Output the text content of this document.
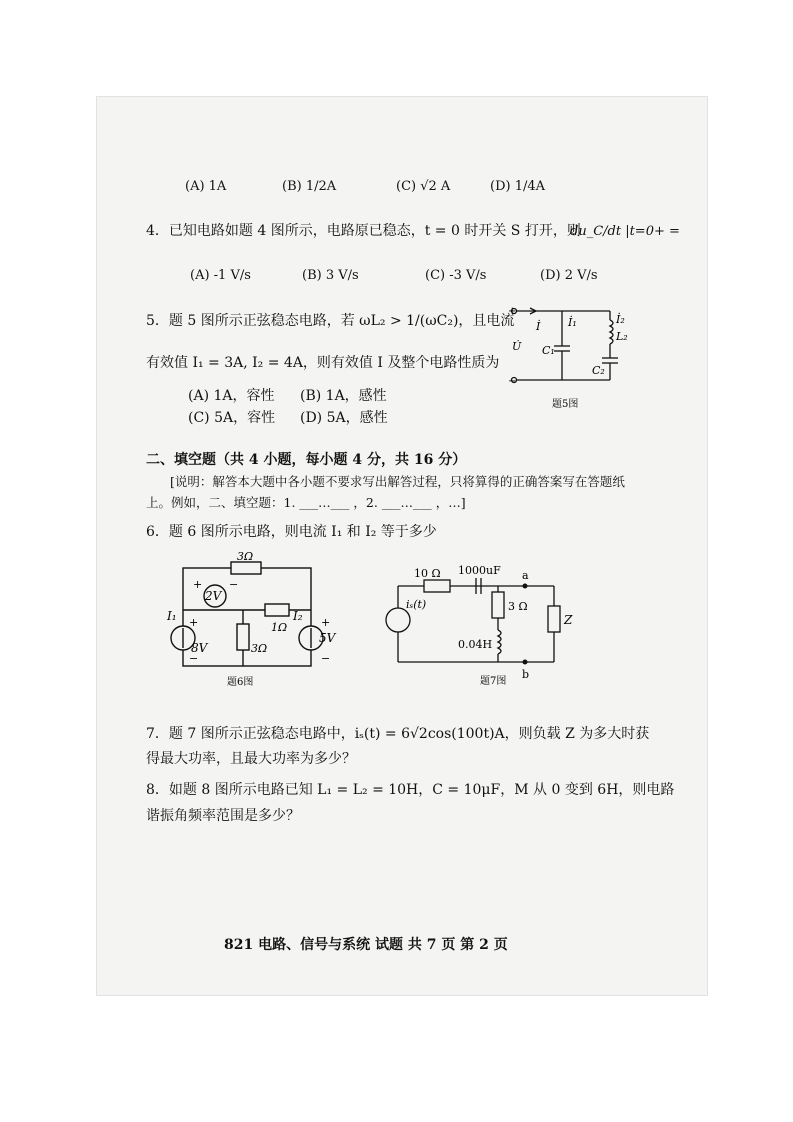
(A) 1A	(B) 1/2A	(C) √2 A	(D) 1/4A
4．已知电路如题 4 图所示，电路原已稳态，t = 0 时开关 S 打开，则
du_C/dt |t=0+ =
(A) -1 V/s	(B) 3 V/s	(C) -3 V/s	(D) 2 V/s
5．题 5 图所示正弦稳态电路，若 ωL₂ > 1/(ωC₂)，且电流
有效值 I₁ = 3A, I₂ = 4A，则有效值 I 及整个电路性质为
(A) 1A，容性 (B) 1A，感性
(C) 5A，容性 (D) 5A，感性
+
−
İ	İ₁	İ₂
U̇ C₁
L₂
C₂
题5图
二、填空题（共 4 小题，每小题 4 分，共 16 分）
[说明：解答本大题中各小题不要求写出解答过程，只将算得的正确答案写在答题纸
上。例如，二、填空题：1. ___…___ ，2. ___…___ ，…]
6．题 6 图所示电路，则电流 I₁ 和 I₂ 等于多少
3Ω
2V
+ −
1Ω
3Ω
8V
5V
I₁	I₂
+
−
+
−
题6图
10 Ω 1000uF a
b
3 Ω
0.04H
Z
iₛ(t)
题7图
7．题 7 图所示正弦稳态电路中，iₛ(t) = 6√2cos(100t)A，则负载 Z 为多大时获
得最大功率，且最大功率为多少？
8．如题 8 图所示电路已知 L₁ = L₂ = 10H，C = 10μF，M 从 0 变到 6H，则电路
谐振角频率范围是多少？
821 电路、信号与系统 试题 共 7 页 第 2 页
